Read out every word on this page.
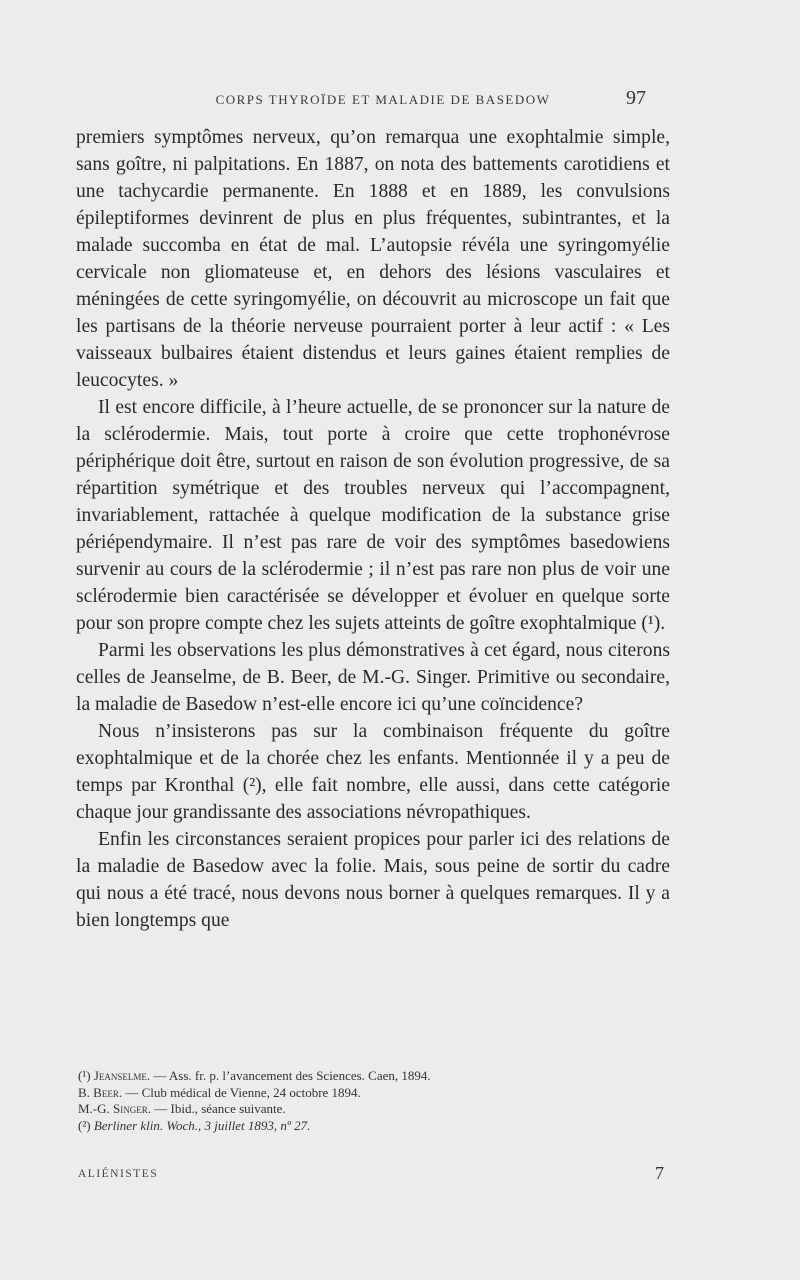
CORPS THYROÏDE ET MALADIE DE BASEDOW	97

premiers symptômes nerveux, qu’on remarqua une exophtalmie simple, sans goître, ni palpitations. En 1887, on nota des battements carotidiens et une tachycardie permanente. En 1888 et en 1889, les convulsions épileptiformes devinrent de plus en plus fréquentes, subintrantes, et la malade succomba en état de mal. L’autopsie révéla une syringomyélie cervicale non gliomateuse et, en dehors des lésions vasculaires et méningées de cette syringomyélie, on découvrit au microscope un fait que les partisans de la théorie nerveuse pourraient porter à leur actif : « Les vaisseaux bulbaires étaient distendus et leurs gaines étaient remplies de leucocytes. »

Il est encore difficile, à l’heure actuelle, de se prononcer sur la nature de la sclérodermie. Mais, tout porte à croire que cette trophonévrose périphérique doit être, surtout en raison de son évolution progressive, de sa répartition symétrique et des troubles nerveux qui l’accompagnent, invariablement, rattachée à quelque modification de la substance grise périépendymaire. Il n’est pas rare de voir des symptômes basedowiens survenir au cours de la sclérodermie ; il n’est pas rare non plus de voir une sclérodermie bien caractérisée se développer et évoluer en quelque sorte pour son propre compte chez les sujets atteints de goître exophtalmique (¹).

Parmi les observations les plus démonstratives à cet égard, nous citerons celles de Jeanselme, de B. Beer, de M.-G. Singer. Primitive ou secondaire, la maladie de Basedow n’est-elle encore ici qu’une coïncidence?

Nous n’insisterons pas sur la combinaison fréquente du goître exophtalmique et de la chorée chez les enfants. Mentionnée il y a peu de temps par Kronthal (²), elle fait nombre, elle aussi, dans cette catégorie chaque jour grandissante des associations névropathiques.

Enfin les circonstances seraient propices pour parler ici des relations de la maladie de Basedow avec la folie. Mais, sous peine de sortir du cadre qui nous a été tracé, nous devons nous borner à quelques remarques. Il y a bien longtemps que

(¹) Jeanselme. — Ass. fr. p. l’avancement des Sciences. Caen, 1894.
B. Beer. — Club médical de Vienne, 24 octobre 1894.
M.-G. Singer. — Ibid., séance suivante.
(²) Berliner klin. Woch., 3 juillet 1893, nº 27.
ALIÉNISTES	7
